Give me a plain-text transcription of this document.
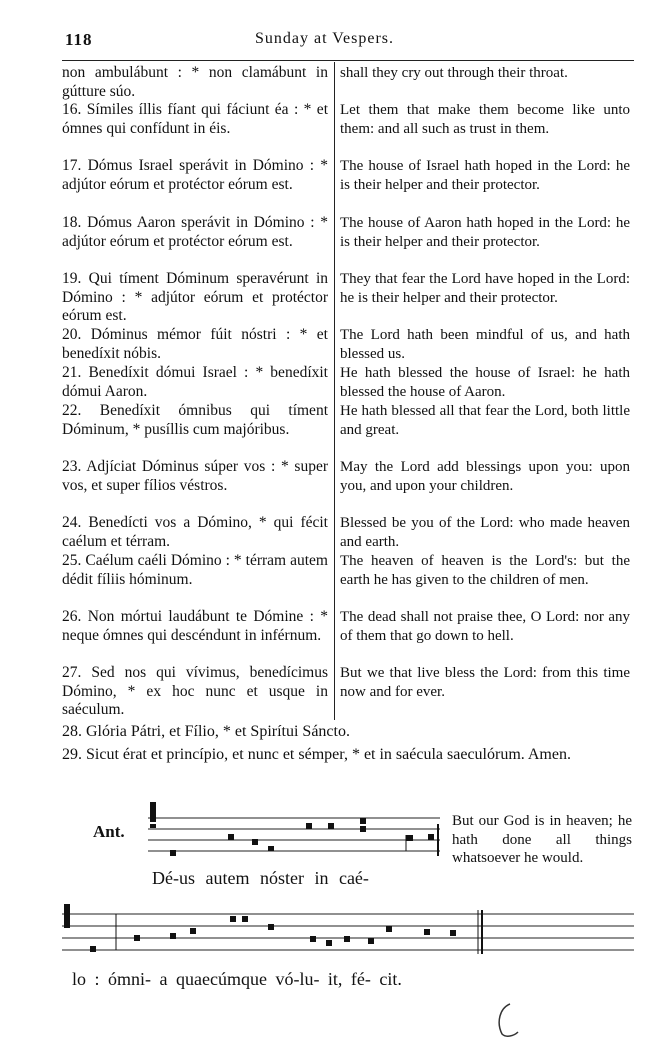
118	Sunday at Vespers.

non ambulábunt : * non clamábunt in gútture súo.

16. Símiles íllis fíant qui fáciunt éa : * et ómnes qui confídunt in éis.

17. Dómus Israel sperávit in Dómino : * adjútor eórum et protéctor eórum est.

18. Dómus Aaron sperávit in Dómino : * adjútor eórum et protéctor eórum est.

19. Qui tíment Dóminum speravérunt in Dómino : * adjútor eórum et protéctor eórum est.

20. Dóminus mémor fúit nóstri : * et benedíxit nóbis.

21. Benedíxit dómui Israel : * benedíxit dómui Aaron.

22. Benedíxit ómnibus qui tíment Dóminum, * pusíllis cum majóribus.

23. Adjíciat Dóminus súper vos : * super vos, et super fílios véstros.

24. Benedícti vos a Dómino, * qui fécit caélum et térram.

25. Caélum caéli Dómino : * térram autem dédit fíliis hóminum.

26. Non mórtui laudábunt te Dómine : * neque ómnes qui descéndunt in inférnum.

27. Sed nos qui vívimus, benedícimus Dómino, * ex hoc nunc et usque in saéculum.

shall they cry out through their throat.

Let them that make them become like unto them: and all such as trust in them.

The house of Israel hath hoped in the Lord: he is their helper and their protector.

The house of Aaron hath hoped in the Lord: he is their helper and their protector.

They that fear the Lord have hoped in the Lord: he is their helper and their protector.

The Lord hath been mindful of us, and hath blessed us.

He hath blessed the house of Israel: he hath blessed the house of Aaron.

He hath blessed all that fear the Lord, both little and great.

May the Lord add blessings upon you: upon you, and upon your children.

Blessed be you of the Lord: who made heaven and earth.

The heaven of heaven is the Lord's: but the earth he has given to the children of men.

The dead shall not praise thee, O Lord: nor any of them that go down to hell.

But we that live bless the Lord: from this time now and for ever.

28. Glória Pátri, et Fílio, * et Spirítui Sáncto.

29. Sicut érat et princípio, et nunc et sémper, * et in saécula saeculórum. Amen.

Ant.
Dé-us autem nóster in caé-
But our God is in heaven; he hath done all things whatsoever he would.
lo : ómni- a quaecúmque vó-lu- it, fé- cit.
